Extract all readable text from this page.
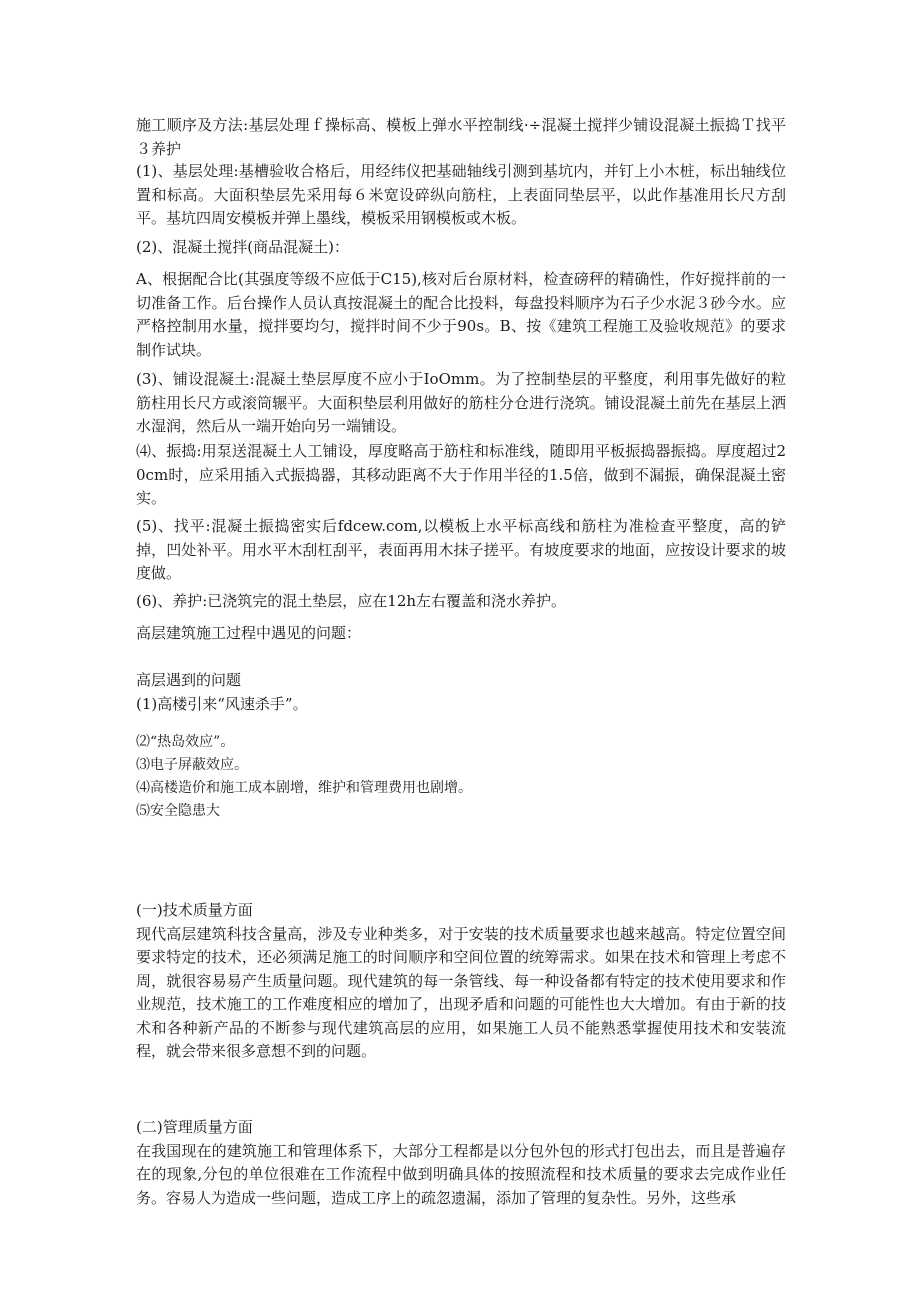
施工顺序及方法:基层处理ｆ操标高、模板上弹水平控制线·÷混凝土搅拌少铺设混凝土振捣Ｔ找平３养护

(1)、基层处理:基槽验收合格后，用经纬仪把基础轴线引测到基坑内，并钉上小木桩，标出轴线位置和标高。大面积垫层先采用每６米宽设碎纵向筋柱，上表面同垫层平，以此作基准用长尺方刮平。基坑四周安模板并弹上墨线，模板采用钢模板或木板。

(2)、混凝土搅拌(商品混凝土)：

A、根据配合比(其强度等级不应低于C15),核对后台原材料，检查磅秤的精确性，作好搅拌前的一切准备工作。后台操作人员认真按混凝土的配合比投料，每盘投料顺序为石子少水泥３砂今水。应严格控制用水量，搅拌要均匀，搅拌时间不少于90s。B、按《建筑工程施工及验收规范》的要求制作试块。

(3)、铺设混凝土:混凝土垫层厚度不应小于IoOmm。为了控制垫层的平整度，利用事先做好的粒筋柱用长尺方或滚筒辗平。大面积垫层利用做好的筋柱分仓进行浇筑。铺设混凝土前先在基层上洒水湿润，然后从一端开始向另一端铺设。

⑷、振捣:用泵送混凝土人工铺设，厚度略高于筋柱和标准线，随即用平板振捣器振捣。厚度超过20cm时，应采用插入式振捣器，其移动距离不大于作用半径的1.5倍，做到不漏振，确保混凝土密实。

(5)、找平:混凝土振捣密实后fdcew.com,以模板上水平标高线和筋柱为准检查平整度，高的铲掉，凹处补平。用水平木刮杠刮平，表面再用木抹子搓平。有坡度要求的地面，应按设计要求的坡度做。

(6)、养护:已浇筑完的混土垫层，应在12h左右覆盖和浇水养护。

高层建筑施工过程中遇见的问题：

高层遇到的问题

(1)高楼引来“风速杀手”。

⑵“热岛效应”。

⑶电子屏蔽效应。

⑷高楼造价和施工成本剧增，维护和管理费用也剧增。

⑸安全隐患大

(一)技术质量方面

现代高层建筑科技含量高，涉及专业种类多，对于安装的技术质量要求也越来越高。特定位置空间要求特定的技术，还必须满足施工的时间顺序和空间位置的统筹需求。如果在技术和管理上考虑不周，就很容易易产生质量问题。现代建筑的每一条管线、每一种设备都有特定的技术使用要求和作业规范，技术施工的工作难度相应的增加了，出现矛盾和问题的可能性也大大增加。有由于新的技术和各种新产品的不断参与现代建筑高层的应用，如果施工人员不能熟悉掌握使用技术和安装流程，就会带来很多意想不到的问题。

(二)管理质量方面

在我国现在的建筑施工和管理体系下，大部分工程都是以分包外包的形式打包出去，而且是普遍存在的现象,分包的单位很难在工作流程中做到明确具体的按照流程和技术质量的要求去完成作业任务。容易人为造成一些问题，造成工序上的疏忽遗漏，添加了管理的复杂性。另外，这些承
